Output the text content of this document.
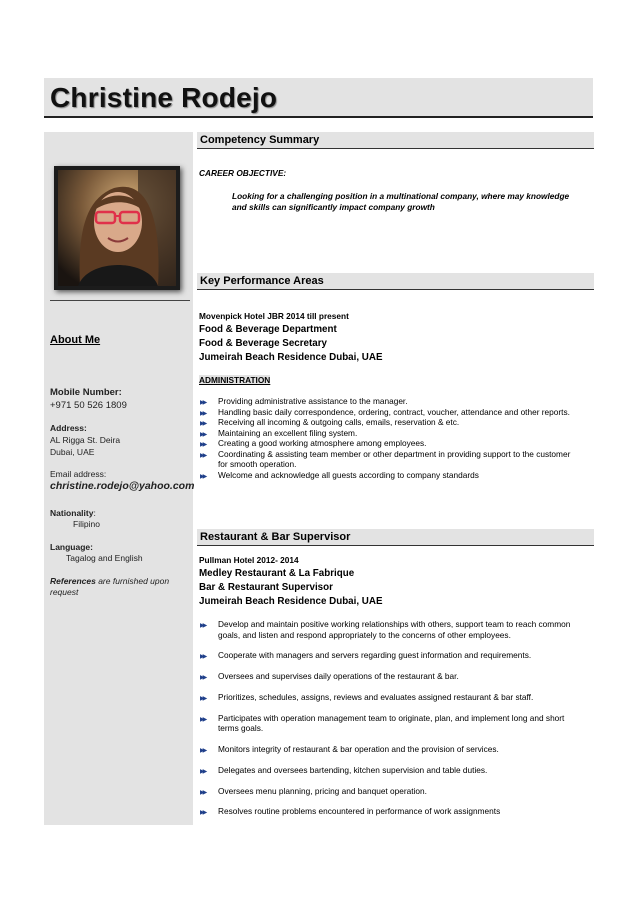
Christine Rodejo
About Me
Mobile Number:
+971 50 526 1809
Address:
AL Rigga St. Deira
Dubai, UAE
Email address:
christine.rodejo@yahoo.com
Nationality:
Filipino
Language:
Tagalog and English
References are furnished upon
request
Competency Summary
CAREER OBJECTIVE:
Looking for a challenging position in a multinational company, where may knowledge
and skills can significantly impact company growth
Key Performance Areas
Movenpick Hotel JBR 2014 till present
Food & Beverage Department
Food & Beverage Secretary
Jumeirah Beach Residence Dubai, UAE
ADMINISTRATION
▶▶ Providing administrative assistance to the manager.
▶▶ Handling basic daily correspondence, ordering, contract, voucher, attendance and other reports.
▶▶ Receiving all incoming & outgoing calls, emails, reservation & etc.
▶▶ Maintaining an excellent filing system.
▶▶ Creating a good working atmosphere among employees.
▶▶ Coordinating & assisting team member or other department in providing support to the customer
for smooth operation.
▶▶ Welcome and acknowledge all guests according to company standards
Restaurant & Bar Supervisor
Pullman Hotel 2012- 2014
Medley Restaurant & La Fabrique
Bar & Restaurant Supervisor
Jumeirah Beach Residence Dubai, UAE
▶▶ Develop and maintain positive working relationships with others, support team to reach common
goals, and listen and respond appropriately to the concerns of other employees.
▶▶ Cooperate with managers and servers regarding guest information and requirements.
▶▶ Oversees and supervises daily operations of the restaurant & bar.
▶▶ Prioritizes, schedules, assigns, reviews and evaluates assigned restaurant & bar staff.
▶▶ Participates with operation management team to originate, plan, and implement long and short
terms goals.
▶▶ Monitors integrity of restaurant & bar operation and the provision of services.
▶▶ Delegates and oversees bartending, kitchen supervision and table duties.
▶▶ Oversees menu planning, pricing and banquet operation.
▶▶ Resolves routine problems encountered in performance of work assignments
